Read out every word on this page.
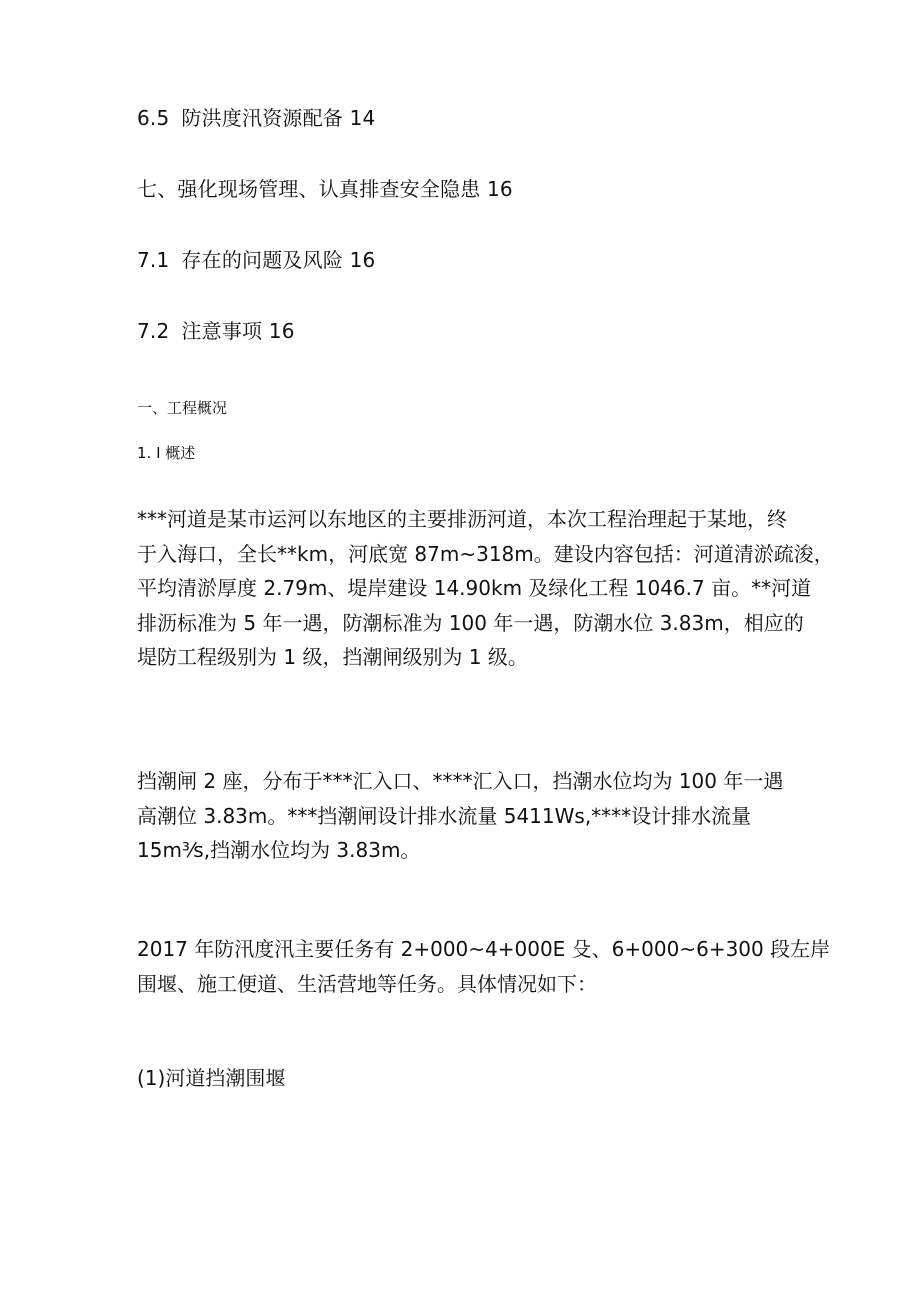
6.5 防洪度汛资源配备 14
七、强化现场管理、认真排查安全隐患 16
7.1 存在的问题及风险 16
7.2 注意事项 16
一、工程概况
1. I 概述
***河道是某市运河以东地区的主要排沥河道，本次工程治理起于某地，终
于入海口，全长**km，河底宽 87m~318m。建设内容包括：河道清淤疏浚，
平均清淤厚度 2.79m、堤岸建设 14.90km 及绿化工程 1046.7 亩。**河道
排沥标准为 5 年一遇，防潮标准为 100 年一遇，防潮水位 3.83m，相应的
堤防工程级别为 1 级，挡潮闸级别为 1 级。
挡潮闸 2 座，分布于***汇入口、****汇入口，挡潮水位均为 100 年一遇
高潮位 3.83m。***挡潮闸设计排水流量 5411Ws,****设计排水流量
15m³⁄s,挡潮水位均为 3.83m。
2017 年防汛度汛主要任务有 2+000~4+000E 殳、6+000~6+300 段左岸
围堰、施工便道、生活营地等任务。具体情况如下：
(1)河道挡潮围堰
